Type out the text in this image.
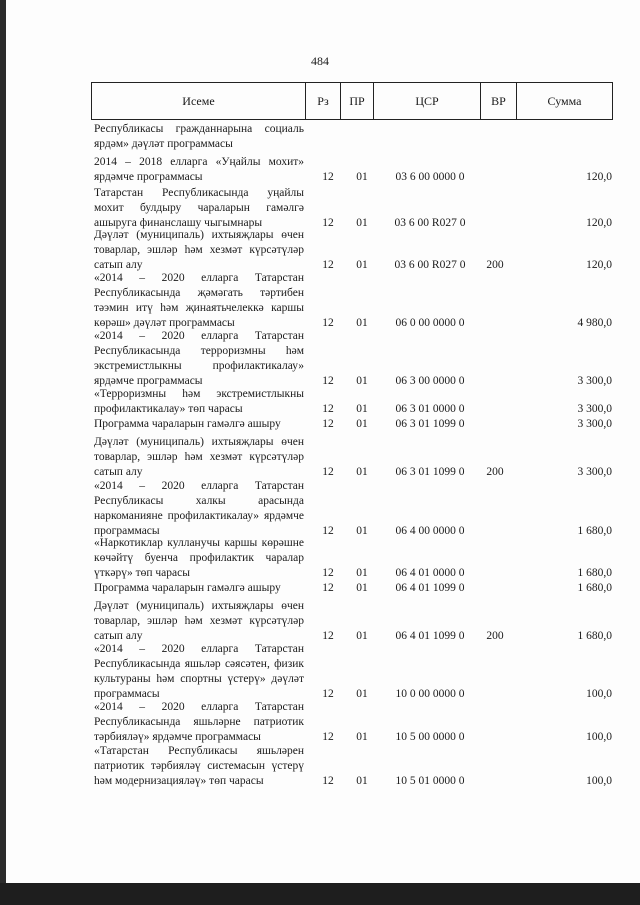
484
Исеме	Рз	ПР	ЦСР	ВР	Сумма
Республикасы гражданнарына социаль ярдәм» дәүләт программасы
2014 – 2018 елларга «Уңайлы мохит» ярдәмче программасы	12	01	03 6 00 0000 0	120,0
Татарстан Республикасында уңайлы мохит булдыру чараларын гамәлгә ашыруга финанслашу чыгымнары	12	01	03 6 00 R027 0	120,0
Дәүләт (муниципаль) ихтыяҗлары өчен товарлар, эшләр һәм хезмәт күрсәтүләр сатып алу	12	01	03 6 00 R027 0	200	120,0
«2014 – 2020 елларга Татарстан Республикасында җәмәгать тәртибен тәэмин итү һәм җинаятьчелеккә каршы көрәш» дәүләт программасы	12	01	06 0 00 0000 0	4 980,0
«2014 – 2020 елларга Татарстан Республикасында терроризмны һәм экстремистлыкны профилактикалау» ярдәмче программасы	12	01	06 3 00 0000 0	3 300,0
«Терроризмны һәм экстремистлыкны профилактикалау» төп чарасы	12	01	06 3 01 0000 0	3 300,0
Программа чараларын гамәлгә ашыру	12	01	06 3 01 1099 0	3 300,0
Дәүләт (муниципаль) ихтыяҗлары өчен товарлар, эшләр һәм хезмәт күрсәтүләр сатып алу	12	01	06 3 01 1099 0	200	3 300,0
«2014 – 2020 елларга Татарстан Республикасы халкы арасында наркоманияне профилактикалау» ярдәмче программасы	12	01	06 4 00 0000 0	1 680,0
«Наркотиклар кулланучы каршы көрәшне көчәйтү буенча профилактик чаралар үткәрү» төп чарасы	12	01	06 4 01 0000 0	1 680,0
Программа чараларын гамәлгә ашыру	12	01	06 4 01 1099 0	1 680,0
Дәүләт (муниципаль) ихтыяҗлары өчен товарлар, эшләр һәм хезмәт күрсәтүләр сатып алу	12	01	06 4 01 1099 0	200	1 680,0
«2014 – 2020 елларга Татарстан Республикасында яшьләр сәясәтен, физик культураны һәм спортны үстерү» дәүләт программасы	12	01	10 0 00 0000 0	100,0
«2014 – 2020 елларга Татарстан Республикасында яшьләрне патриотик тәрбияләү» ярдәмче программасы	12	01	10 5 00 0000 0	100,0
«Татарстан Республикасы яшьләрен патриотик тәрбияләү системасын үстерү һәм модернизацияләү» төп чарасы	12	01	10 5 01 0000 0	100,0
